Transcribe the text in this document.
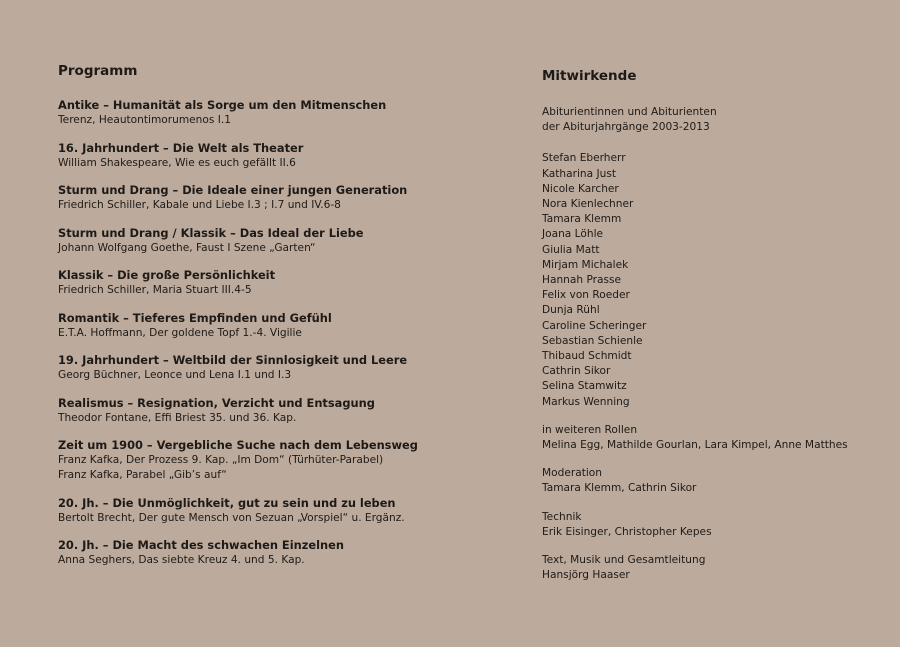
Programm
Antike – Humanität als Sorge um den Mitmenschen
Terenz, Heautontimorumenos I.1
16. Jahrhundert – Die Welt als Theater
William Shakespeare, Wie es euch gefällt II.6
Sturm und Drang – Die Ideale einer jungen Generation
Friedrich Schiller, Kabale und Liebe I.3 ; I.7 und IV.6-8
Sturm und Drang / Klassik – Das Ideal der Liebe
Johann Wolfgang Goethe, Faust I Szene „Garten“
Klassik – Die große Persönlichkeit
Friedrich Schiller, Maria Stuart III.4-5
Romantik – Tieferes Empfinden und Gefühl
E.T.A. Hoffmann, Der goldene Topf 1.-4. Vigilie
19. Jahrhundert – Weltbild der Sinnlosigkeit und Leere
Georg Büchner, Leonce und Lena I.1 und I.3
Realismus – Resignation, Verzicht und Entsagung
Theodor Fontane, Effi Briest 35. und 36. Kap.
Zeit um 1900 – Vergebliche Suche nach dem Lebensweg
Franz Kafka, Der Prozess 9. Kap. „Im Dom“ (Türhüter-Parabel)
Franz Kafka, Parabel „Gib’s auf“
20. Jh. – Die Unmöglichkeit, gut zu sein und zu leben
Bertolt Brecht, Der gute Mensch von Sezuan „Vorspiel“ u. Ergänz.
20. Jh. – Die Macht des schwachen Einzelnen
Anna Seghers, Das siebte Kreuz 4. und 5. Kap.
Mitwirkende
Abiturientinnen und Abiturienten
der Abiturjahrgänge 2003-2013
Stefan Eberherr
Katharina Just
Nicole Karcher
Nora Kienlechner
Tamara Klemm
Joana Löhle
Giulia Matt
Mirjam Michalek
Hannah Prasse
Felix von Roeder
Dunja Rühl
Caroline Scheringer
Sebastian Schienle
Thibaud Schmidt
Cathrin Sikor
Selina Stamwitz
Markus Wenning
in weiteren Rollen
Melina Egg, Mathilde Gourlan, Lara Kimpel, Anne Matthes
Moderation
Tamara Klemm, Cathrin Sikor
Technik
Erik Eisinger, Christopher Kepes
Text, Musik und Gesamtleitung
Hansjörg Haaser
